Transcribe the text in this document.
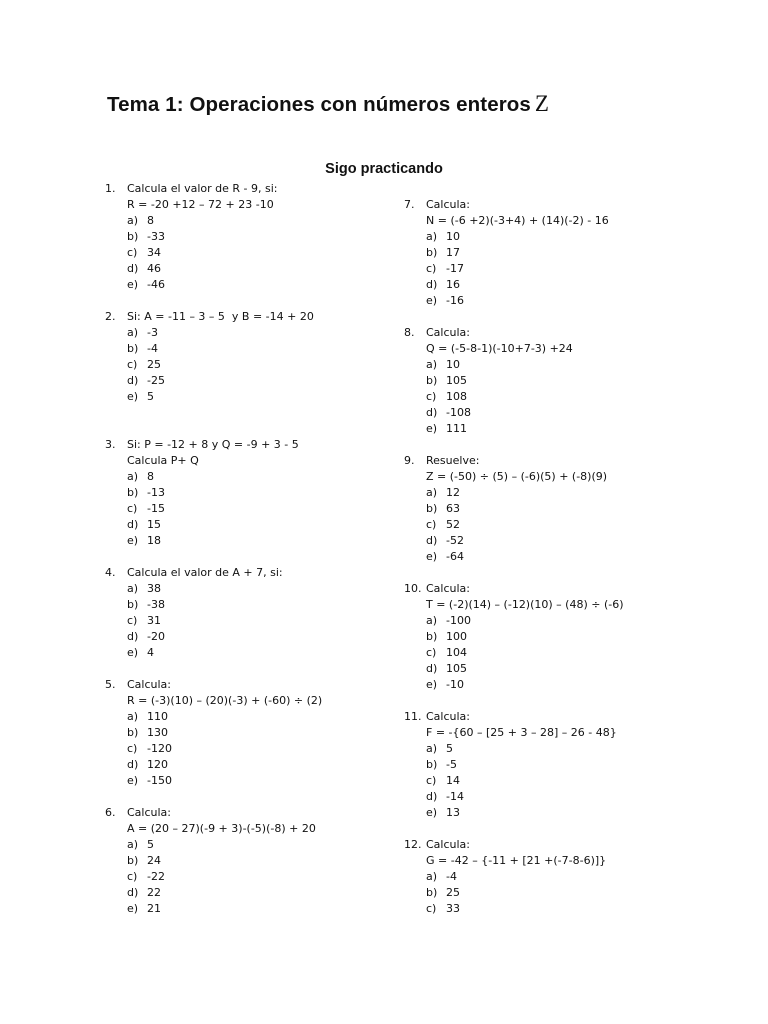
Tema 1: Operaciones con números enteros Z
Sigo practicando
1.	Calcula el valor de R - 9, si:
R = -20 +12 – 72 + 23 -10
a) 8
b) -33
c) 34
d) 46
e) -46
2.	Si: A = -11 – 3 – 5  y B = -14 + 20
a) -3
b) -4
c) 25
d) -25
e) 5
3.	Si: P = -12 + 8 y Q = -9 + 3 - 5
Calcula P+ Q
a) 8
b) -13
c) -15
d) 15
e) 18
4.	Calcula el valor de A + 7, si:
a) 38
b) -38
c) 31
d) -20
e) 4
5.	Calcula:
R = (-3)(10) – (20)(-3) + (-60) ÷ (2)
a) 110
b) 130
c) -120
d) 120
e) -150
6.	Calcula:
A = (20 – 27)(-9 + 3)-(-5)(-8) + 20
a) 5
b) 24
c) -22
d) 22
e) 21
7.	Calcula:
N = (-6 +2)(-3+4) + (14)(-2) - 16
a) 10
b) 17
c) -17
d) 16
e) -16
8.	Calcula:
Q = (-5-8-1)(-10+7-3) +24
a) 10
b) 105
c) 108
d) -108
e) 111
9.	Resuelve:
Z = (-50) ÷ (5) – (-6)(5) + (-8)(9)
a) 12
b) 63
c) 52
d) -52
e) -64
10. Calcula:
T = (-2)(14) – (-12)(10) – (48) ÷ (-6)
a) -100
b) 100
c) 104
d) 105
e) -10
11. Calcula:
F = -{60 – [25 + 3 – 28] – 26 - 48}
a) 5
b) -5
c) 14
d) -14
e) 13
12. Calcula:
G = -42 – {-11 + [21 +(-7-8-6)]}
a) -4
b) 25
c) 33
